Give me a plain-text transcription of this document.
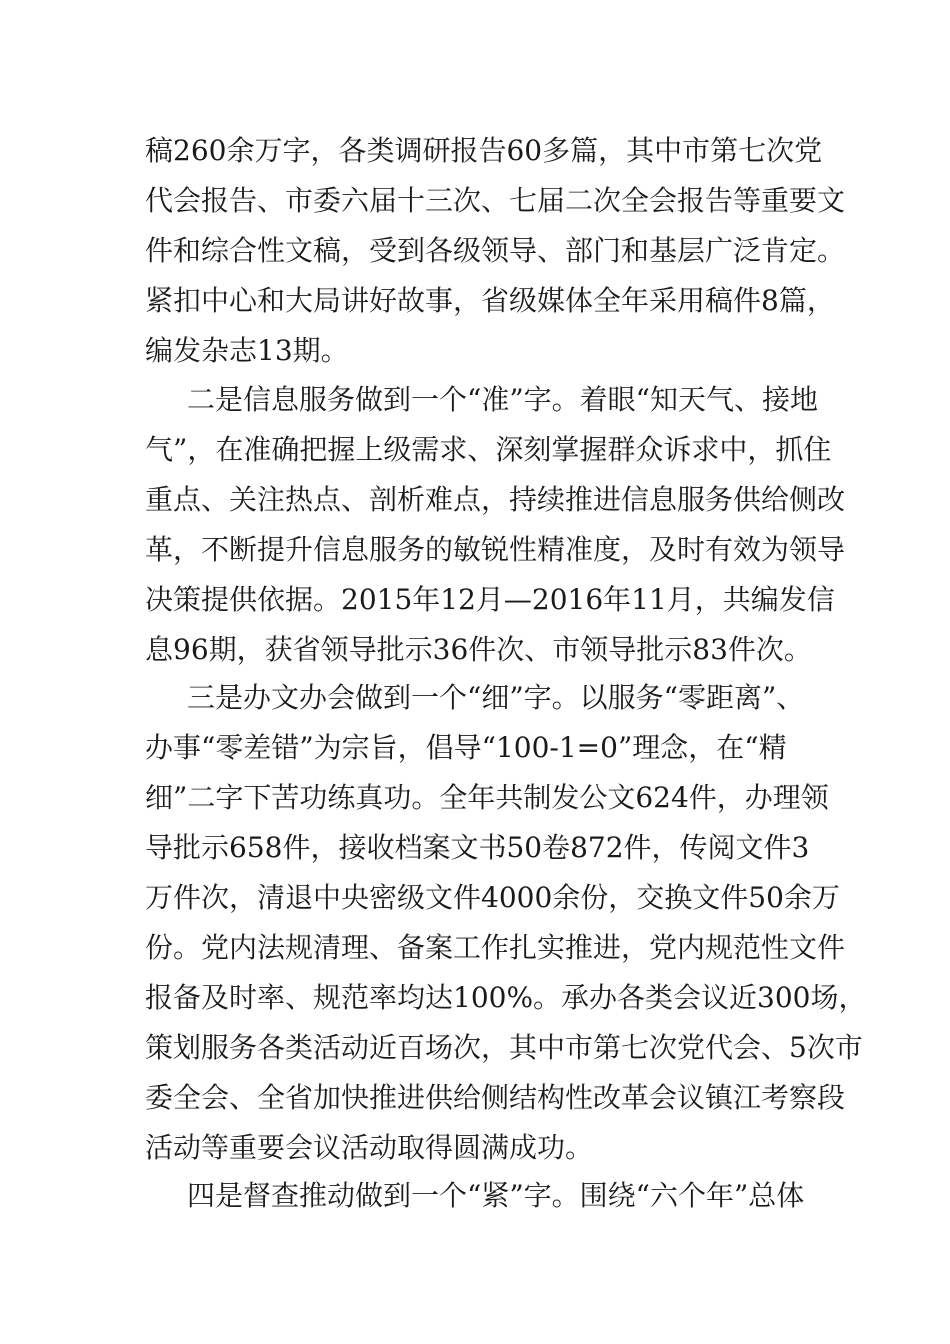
稿260余万字，各类调研报告60多篇，其中市第七次党
代会报告、市委六届十三次、七届二次全会报告等重要文
件和综合性文稿，受到各级领导、部门和基层广泛肯定。
紧扣中心和大局讲好故事，省级媒体全年采用稿件8篇，
编发杂志13期。
二是信息服务做到一个“准”字。着眼“知天气、接地
气”，在准确把握上级需求、深刻掌握群众诉求中，抓住
重点、关注热点、剖析难点，持续推进信息服务供给侧改
革，不断提升信息服务的敏锐性精准度，及时有效为领导
决策提供依据。2015年12月—2016年11月，共编发信
息96期，获省领导批示36件次、市领导批示83件次。
三是办文办会做到一个“细”字。以服务“零距离”、
办事“零差错”为宗旨，倡导“100-1=0”理念，在“精
细”二字下苦功练真功。全年共制发公文624件，办理领
导批示658件，接收档案文书50卷872件，传阅文件3
万件次，清退中央密级文件4000余份，交换文件50余万
份。党内法规清理、备案工作扎实推进，党内规范性文件
报备及时率、规范率均达100%。承办各类会议近300场，
策划服务各类活动近百场次，其中市第七次党代会、5次市
委全会、全省加快推进供给侧结构性改革会议镇江考察段
活动等重要会议活动取得圆满成功。
四是督查推动做到一个“紧”字。围绕“六个年”总体
